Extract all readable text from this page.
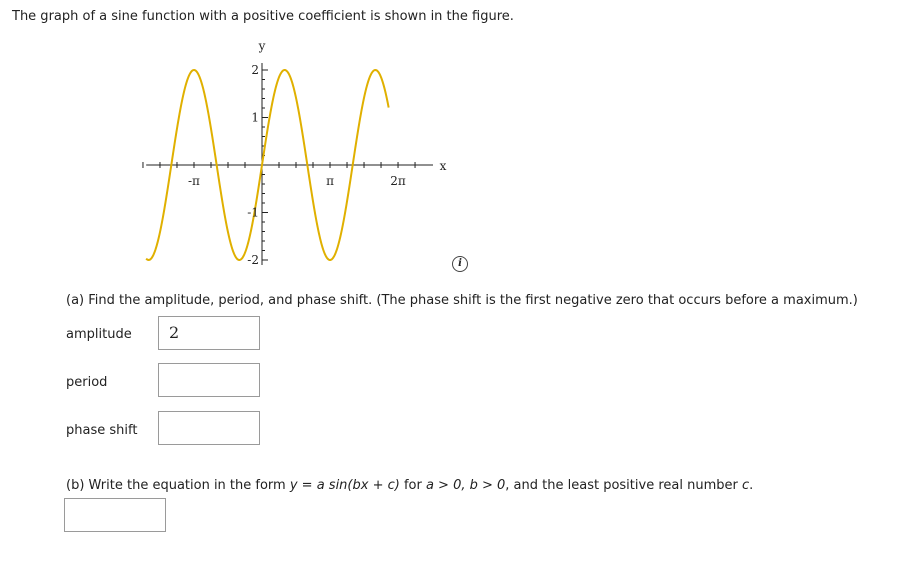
The graph of a sine function with a positive coefficient is shown in the figure.

-π	π	2π
2
1
-1
-2
x
y
i

(a) Find the amplitude, period, and phase shift. (The phase shift is the first negative zero that occurs before a maximum.)

amplitude	2
period
phase shift

(b) Write the equation in the form y = a sin(bx + c) for a > 0, b > 0, and the least positive real number c.
